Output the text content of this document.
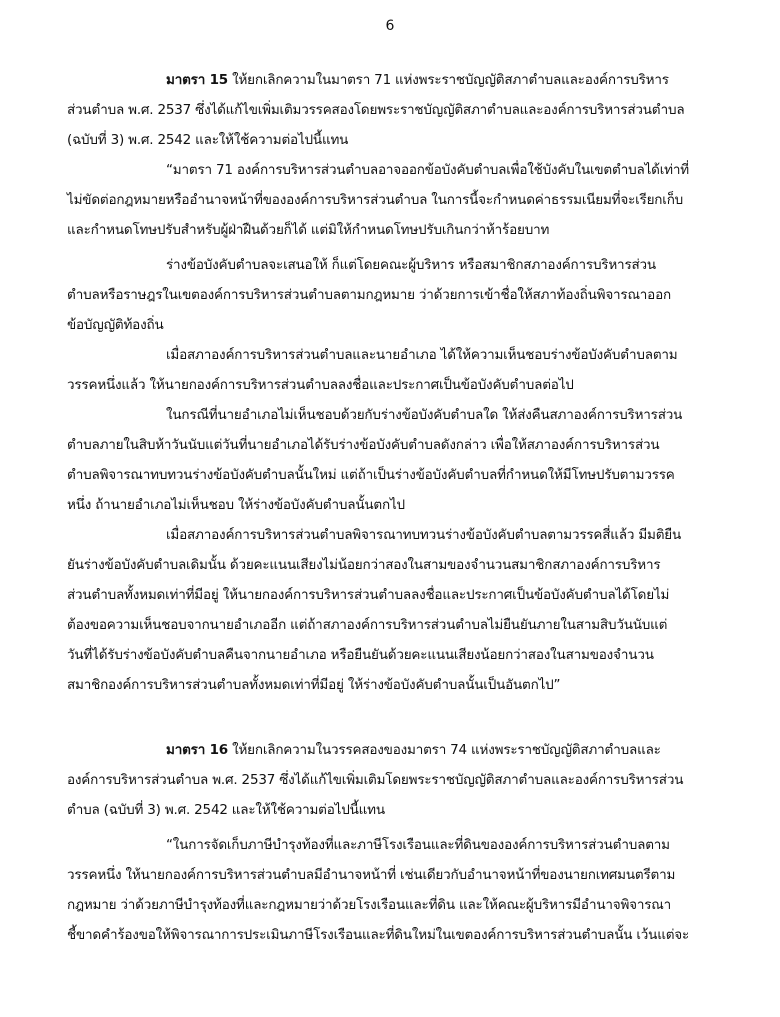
6
มาตรา 15 ให้ยกเลิกความในมาตรา 71 แห่งพระราชบัญญัติสภาตำบลและองค์การบริหาร
ส่วนตำบล พ.ศ. 2537 ซึ่งได้แก้ไขเพิ่มเติมวรรคสองโดยพระราชบัญญัติสภาตำบลและองค์การบริหารส่วนตำบล
(ฉบับที่ 3) พ.ศ. 2542 และให้ใช้ความต่อไปนี้แทน
“มาตรา 71 องค์การบริหารส่วนตำบลอาจออกข้อบังคับตำบลเพื่อใช้บังคับในเขตตำบลได้เท่าที่
ไม่ขัดต่อกฎหมายหรืออำนาจหน้าที่ขององค์การบริหารส่วนตำบล ในการนี้จะกำหนดค่าธรรมเนียมที่จะเรียกเก็บ
และกำหนดโทษปรับสำหรับผู้ฝ่าฝืนด้วยก็ได้ แต่มิให้กำหนดโทษปรับเกินกว่าห้าร้อยบาท
ร่างข้อบังคับตำบลจะเสนอให้ ก็แต่โดยคณะผู้บริหาร หรือสมาชิกสภาองค์การบริหารส่วน
ตำบลหรือราษฎรในเขตองค์การบริหารส่วนตำบลตามกฎหมาย ว่าด้วยการเข้าชื่อให้สภาท้องถิ่นพิจารณาออก
ข้อบัญญัติท้องถิ่น
เมื่อสภาองค์การบริหารส่วนตำบลและนายอำเภอ ได้ให้ความเห็นชอบร่างข้อบังคับตำบลตาม
วรรคหนึ่งแล้ว ให้นายกองค์การบริหารส่วนตำบลลงชื่อและประกาศเป็นข้อบังคับตำบลต่อไป
ในกรณีที่นายอำเภอไม่เห็นชอบด้วยกับร่างข้อบังคับตำบลใด ให้ส่งคืนสภาองค์การบริหารส่วน
ตำบลภายในสิบห้าวันนับแต่วันที่นายอำเภอได้รับร่างข้อบังคับตำบลดังกล่าว เพื่อให้สภาองค์การบริหารส่วน
ตำบลพิจารณาทบทวนร่างข้อบังคับตำบลนั้นใหม่ แต่ถ้าเป็นร่างข้อบังคับตำบลที่กำหนดให้มีโทษปรับตามวรรค
หนึ่ง ถ้านายอำเภอไม่เห็นชอบ ให้ร่างข้อบังคับตำบลนั้นตกไป
เมื่อสภาองค์การบริหารส่วนตำบลพิจารณาทบทวนร่างข้อบังคับตำบลตามวรรคสี่แล้ว มีมติยืน
ยันร่างข้อบังคับตำบลเดิมนั้น ด้วยคะแนนเสียงไม่น้อยกว่าสองในสามของจำนวนสมาชิกสภาองค์การบริหาร
ส่วนตำบลทั้งหมดเท่าที่มีอยู่ ให้นายกองค์การบริหารส่วนตำบลลงชื่อและประกาศเป็นข้อบังคับตำบลได้โดยไม่
ต้องขอความเห็นชอบจากนายอำเภออีก แต่ถ้าสภาองค์การบริหารส่วนตำบลไม่ยืนยันภายในสามสิบวันนับแต่
วันที่ได้รับร่างข้อบังคับตำบลคืนจากนายอำเภอ หรือยืนยันด้วยคะแนนเสียงน้อยกว่าสองในสามของจำนวน
สมาชิกองค์การบริหารส่วนตำบลทั้งหมดเท่าที่มีอยู่ ให้ร่างข้อบังคับตำบลนั้นเป็นอันตกไป”
มาตรา 16 ให้ยกเลิกความในวรรคสองของมาตรา 74 แห่งพระราชบัญญัติสภาตำบลและ
องค์การบริหารส่วนตำบล พ.ศ. 2537 ซึ่งได้แก้ไขเพิ่มเติมโดยพระราชบัญญัติสภาตำบลและองค์การบริหารส่วน
ตำบล (ฉบับที่ 3) พ.ศ. 2542 และให้ใช้ความต่อไปนี้แทน
“ในการจัดเก็บภาษีบำรุงท้องที่และภาษีโรงเรือนและที่ดินขององค์การบริหารส่วนตำบลตาม
วรรคหนึ่ง ให้นายกองค์การบริหารส่วนตำบลมีอำนาจหน้าที่ เช่นเดียวกับอำนาจหน้าที่ของนายกเทศมนตรีตาม
กฎหมาย ว่าด้วยภาษีบำรุงท้องที่และกฎหมายว่าด้วยโรงเรือนและที่ดิน และให้คณะผู้บริหารมีอำนาจพิจารณา
ชี้ขาดคำร้องขอให้พิจารณาการประเมินภาษีโรงเรือนและที่ดินใหม่ในเขตองค์การบริหารส่วนตำบลนั้น เว้นแต่จะ
